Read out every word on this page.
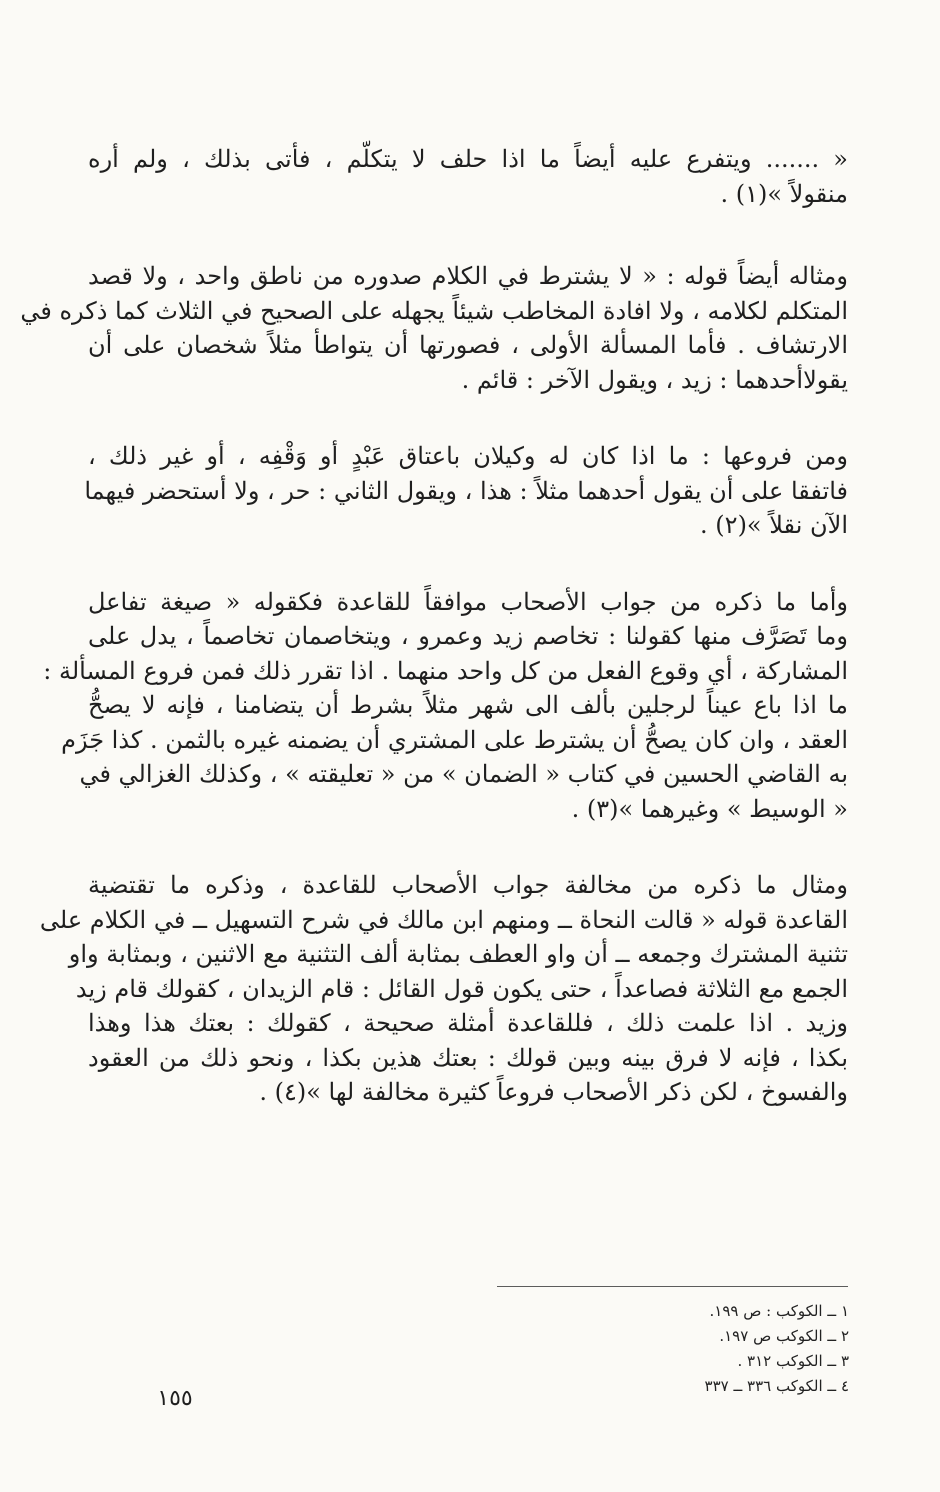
« ....... ويتفرع عليه أيضاً ما اذا حلف لا يتكلّم ، فأتى بذلك ، ولم أره
منقولاً »(١) .

ومثاله أيضاً قوله : « لا يشترط في الكلام صدوره من ناطق واحد ، ولا قصد
المتكلم لكلامه ، ولا افادة المخاطب شيئاً يجهله على الصحيح في الثلاث كما ذكره في
الارتشاف . فأما المسألة الأولى ، فصورتها أن يتواطأ مثلاً شخصان على أن
يقولاأحدهما : زيد ، ويقول الآخر : قائم .

ومن فروعها : ما اذا كان له وكيلان باعتاق عَبْدٍ أو وَقْفِه ، أو غير ذلك ،
فاتفقا على أن يقول أحدهما مثلاً : هذا ، ويقول الثاني : حر ، ولا أستحضر فيهما
الآن نقلاً »(٢) .

وأما ما ذكره من جواب الأصحاب موافقاً للقاعدة فكقوله « صيغة تفاعل
وما تَصَرَّف منها كقولنا : تخاصم زيد وعمرو ، ويتخاصمان تخاصماً ، يدل على
المشاركة ، أي وقوع الفعل من كل واحد منهما . اذا تقرر ذلك فمن فروع المسألة :
ما اذا باع عيناً لرجلين بألف الى شهر مثلاً بشرط أن يتضامنا ، فإنه لا يصحُّ
العقد ، وان كان يصحُّ أن يشترط على المشتري أن يضمنه غيره بالثمن . كذا جَزَم
به القاضي الحسين في كتاب « الضمان » من « تعليقته » ، وكذلك الغزالي في
« الوسيط » وغيرهما »(٣) .

ومثال ما ذكره من مخالفة جواب الأصحاب للقاعدة ، وذكره ما تقتضية
القاعدة قوله « قالت النحاة ــ ومنهم ابن مالك في شرح التسهيل ــ في الكلام على
تثنية المشترك وجمعه ــ أن واو العطف بمثابة ألف التثنية مع الاثنين ، وبمثابة واو
الجمع مع الثلاثة فصاعداً ، حتى يكون قول القائل : قام الزيدان ، كقولك قام زيد
وزيد . اذا علمت ذلك ، فللقاعدة أمثلة صحيحة ، كقولك : بعتك هذا وهذا
بكذا ، فإنه لا فرق بينه وبين قولك : بعتك هذين بكذا ، ونحو ذلك من العقود
والفسوخ ، لكن ذكر الأصحاب فروعاً كثيرة مخالفة لها »(٤) .

١ ــ الكوكب : ص ١٩٩.
٢ ــ الكوكب ص ١٩٧.
٣ ــ الكوكب ٣١٢ .
٤ ــ الكوكب ٣٣٦ ــ ٣٣٧
١٥٥
